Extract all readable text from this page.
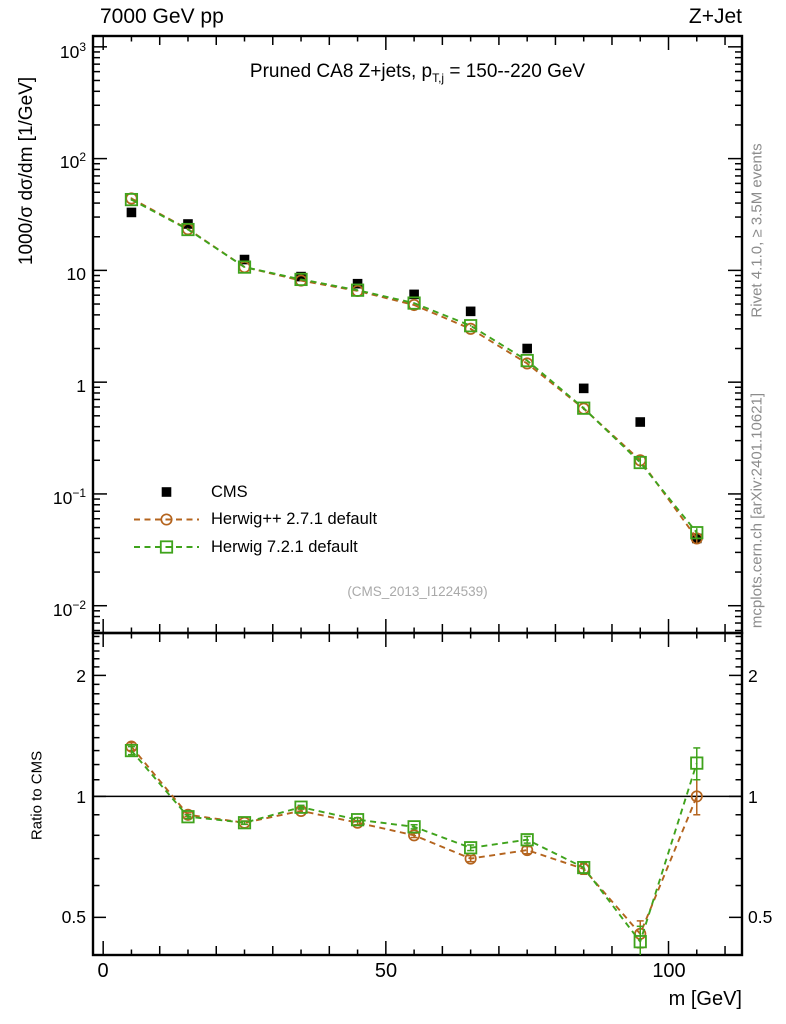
7000 GeV pp	Z+Jet
Pruned CA8 Z+jets, $p_{T,j} = 150--220$ GeV
1000/σ dσ/dm [1/GeV]
Ratio to CMS
Rivet 4.1.0, ≥ 3.5M events
mcplots.cern.ch [arXiv:2401.10621]
(CMS_2013_I1224539)
$10^3$
$10^2$
10
1
$10^{-1}$
$10^{-2}$
2
1
0.5
2
1
0.5
0	50	100
m [GeV]
CMS
Herwig++ 2.7.1 default
Herwig 7.2.1 default
